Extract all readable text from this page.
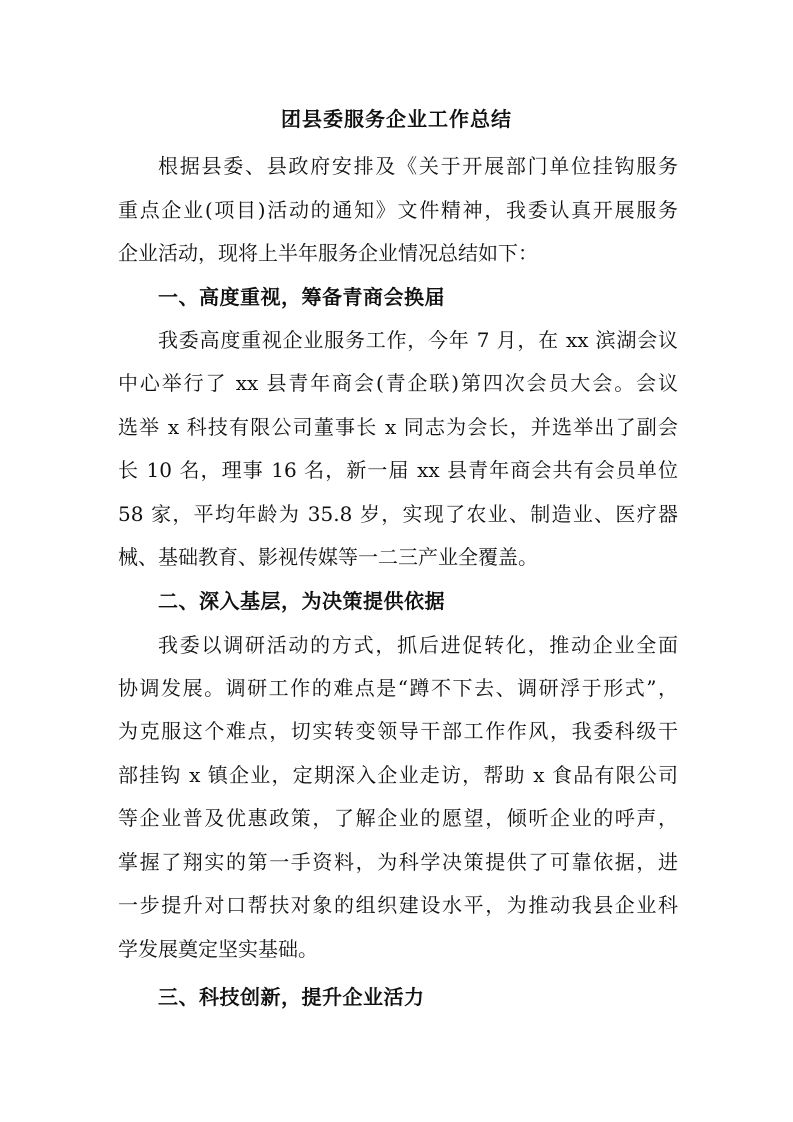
团县委服务企业工作总结
根据县委、县政府安排及《关于开展部门单位挂钩服务
重点企业(项目)活动的通知》文件精神，我委认真开展服务
企业活动，现将上半年服务企业情况总结如下：
一、高度重视，筹备青商会换届
我委高度重视企业服务工作，今年 7 月，在 xx 滨湖会议
中心举行了 xx 县青年商会(青企联)第四次会员大会。会议
选举 x 科技有限公司董事长 x 同志为会长，并选举出了副会
长 10 名，理事 16 名，新一届 xx 县青年商会共有会员单位
58 家，平均年龄为 35.8 岁，实现了农业、制造业、医疗器
械、基础教育、影视传媒等一二三产业全覆盖。
二、深入基层，为决策提供依据
我委以调研活动的方式，抓后进促转化，推动企业全面
协调发展。调研工作的难点是“蹲不下去、调研浮于形式”，
为克服这个难点，切实转变领导干部工作作风，我委科级干
部挂钩 x 镇企业，定期深入企业走访，帮助 x 食品有限公司
等企业普及优惠政策，了解企业的愿望，倾听企业的呼声，
掌握了翔实的第一手资料，为科学决策提供了可靠依据，进
一步提升对口帮扶对象的组织建设水平，为推动我县企业科
学发展奠定坚实基础。
三、科技创新，提升企业活力
